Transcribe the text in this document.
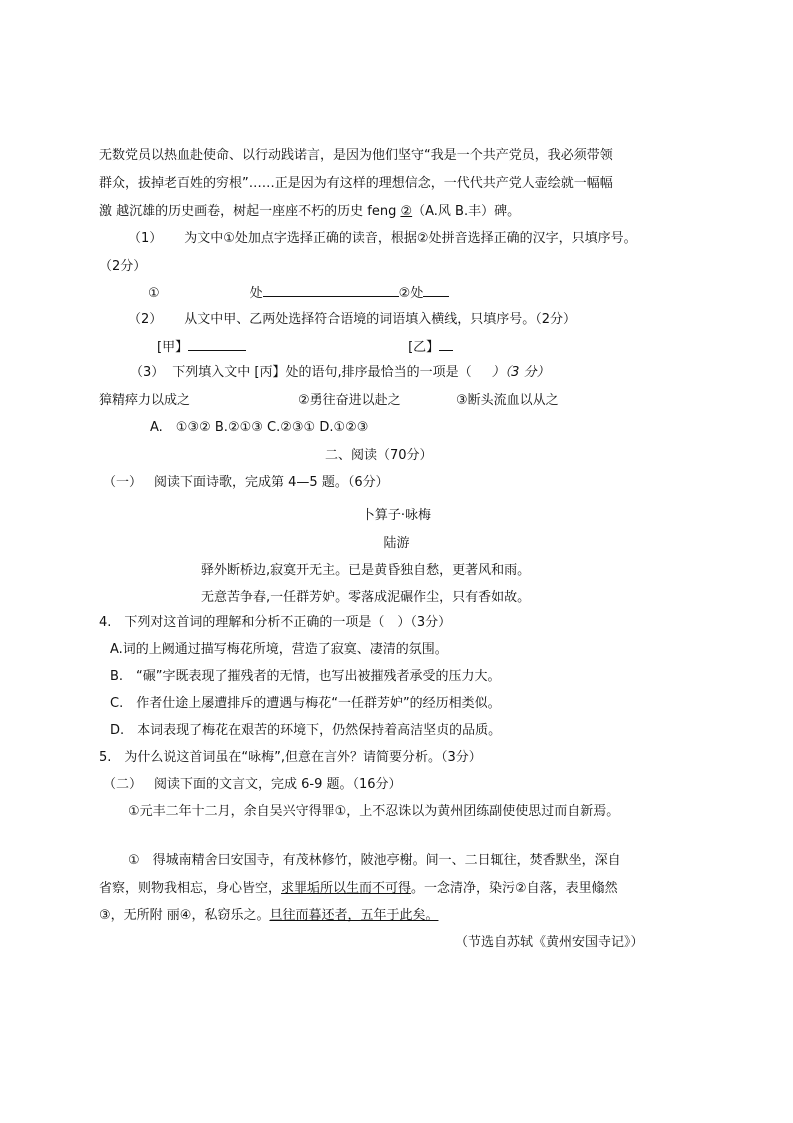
无数党员以热血赴使命、以行动践诺言，是因为他们坚守“我是一个共产党员，我必须带领
群众，拔掉老百姓的穷根”……正是因为有这样的理想信念，一代代共产党人壶绘就一幅幅
激 越沉雄的历史画卷，树起一座座不朽的历史 feng ②（A.风 B.丰）碑。
（1） 为文中①处加点字选择正确的读音，根据②处拼音选择正确的汉字，只填序号。
（2分）
①	处	②处
（2） 从文中甲、乙两处选择符合语境的词语填入横线，只填序号。（2分）
[甲】	[乙】
（3） 下列填入文中 [丙】处的语句,排序最恰当的一项是（ ）（3 分）
獐精瘁力以成之	②勇往奋进以赴之	③断头流血以从之
A.　①③② B.②①③ C.②③① D.①②③
二、阅读（70分）
（一） 阅读下面诗歌，完成第 4—5 题。（6分）
卜算子·咏梅
陆游
驿外断桥边,寂寞开无主。已是黄昏独自愁，更著风和雨。
无意苦争春,一任群芳妒。零落成泥碾作尘，只有香如故。
4.　下列对这首词的理解和分析不正确的一项是（　）（3分）
A.词的上阙通过描写梅花所境，营造了寂寞、凄清的氛围。
B.　“碾”字既表现了摧残者的无情，也写出被摧残者承受的压力大。
C.　作者仕途上屡遭排斥的遭遇与梅花“一任群芳妒”的经历相类似。
D.　本词表现了梅花在艰苦的环境下，仍然保持着高洁坚贞的品质。
5.　为什么说这首词虽在“咏梅”,但意在言外？请简要分析。（3分）
（二） 阅读下面的文言文，完成 6-9 题。（16分）
①元丰二年十二月，余自吴兴守得罪①，上不忍诛以为黄州团练副使使思过而自新焉。
①　得城南精舍曰安国寺，有茂林修竹，陂池亭榭。间一、二日辄往，焚香默坐，深自
省察，则物我相忘，身心皆空，求罪垢所以生而不可得。一念清净，染污②自落，表里翛然
③，无所附 丽④，私窃乐之。旦往而暮还者，五年于此矣。
（节选自苏轼《黄州安国寺记》）
